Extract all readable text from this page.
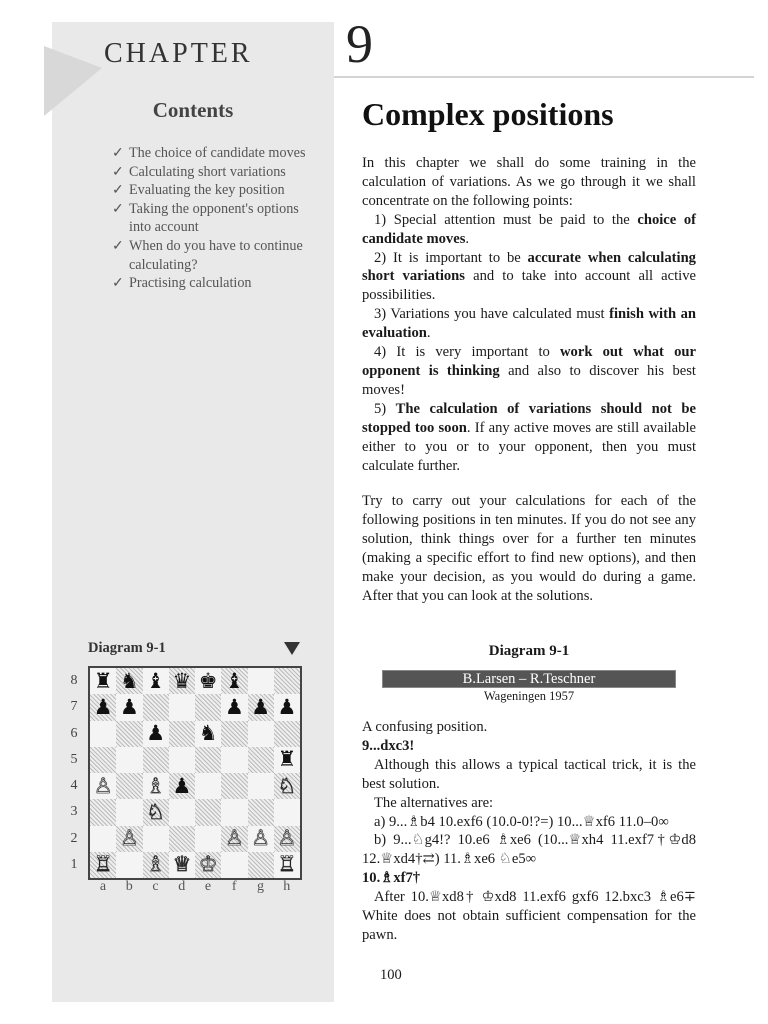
CHAPTER 9
Contents
✓ The choice of candidate moves
✓ Calculating short variations
✓ Evaluating the key position
✓ Taking the opponent's options into account
✓ When do you have to continue calculating?
✓ Practising calculation
Complex positions

In this chapter we shall do some training in the calculation of variations. As we go through it we shall concentrate on the following points:

1) Special attention must be paid to the choice of candidate moves.

2) It is important to be accurate when calculating short variations and to take into account all active possibilities.

3) Variations you have calculated must finish with an evaluation.

4) It is very important to work out what our opponent is thinking and also to discover his best moves!

5) The calculation of variations should not be stopped too soon. If any active moves are still available either to you or to your opponent, then you must calculate further.

Try to carry out your calculations for each of the following positions in ten minutes. If you do not see any solution, think things over for a further ten minutes (making a specific effort to find new options), and then make your decision, as you would do during a game. After that you can look at the solutions.

Diagram 9-1
♜ ♞ ♝ ♛ ♚ ♝
♟ ♟	♟ ♟ ♟
♟ ♞
♜
♙ ♗ ♟	♘
♘
♙	♙ ♙ ♙
♖ ♗ ♕ ♔	♖
8
7
6
5
4
3
2
1
a	b	c	d	e	f	g	h
Diagram 9-1
B.Larsen – R.Teschner
Wageningen 1957

A confusing position.

9...dxc3!

Although this allows a typical tactical trick, it is the best solution.

The alternatives are:

a) 9...♗b4 10.exf6 (10.0-0!?=) 10...♕xf6 11.0–0∞

b) 9...♘g4!? 10.e6 ♗xe6 (10...♕xh4 11.exf7†♔d8 12.♕xd4†⇄) 11.♗xe6 ♘e5∞

10.♗xf7†

After 10.♕xd8† ♔xd8 11.exf6 gxf6 12.bxc3 ♗e6∓ White does not obtain sufficient compensation for the pawn.

100
